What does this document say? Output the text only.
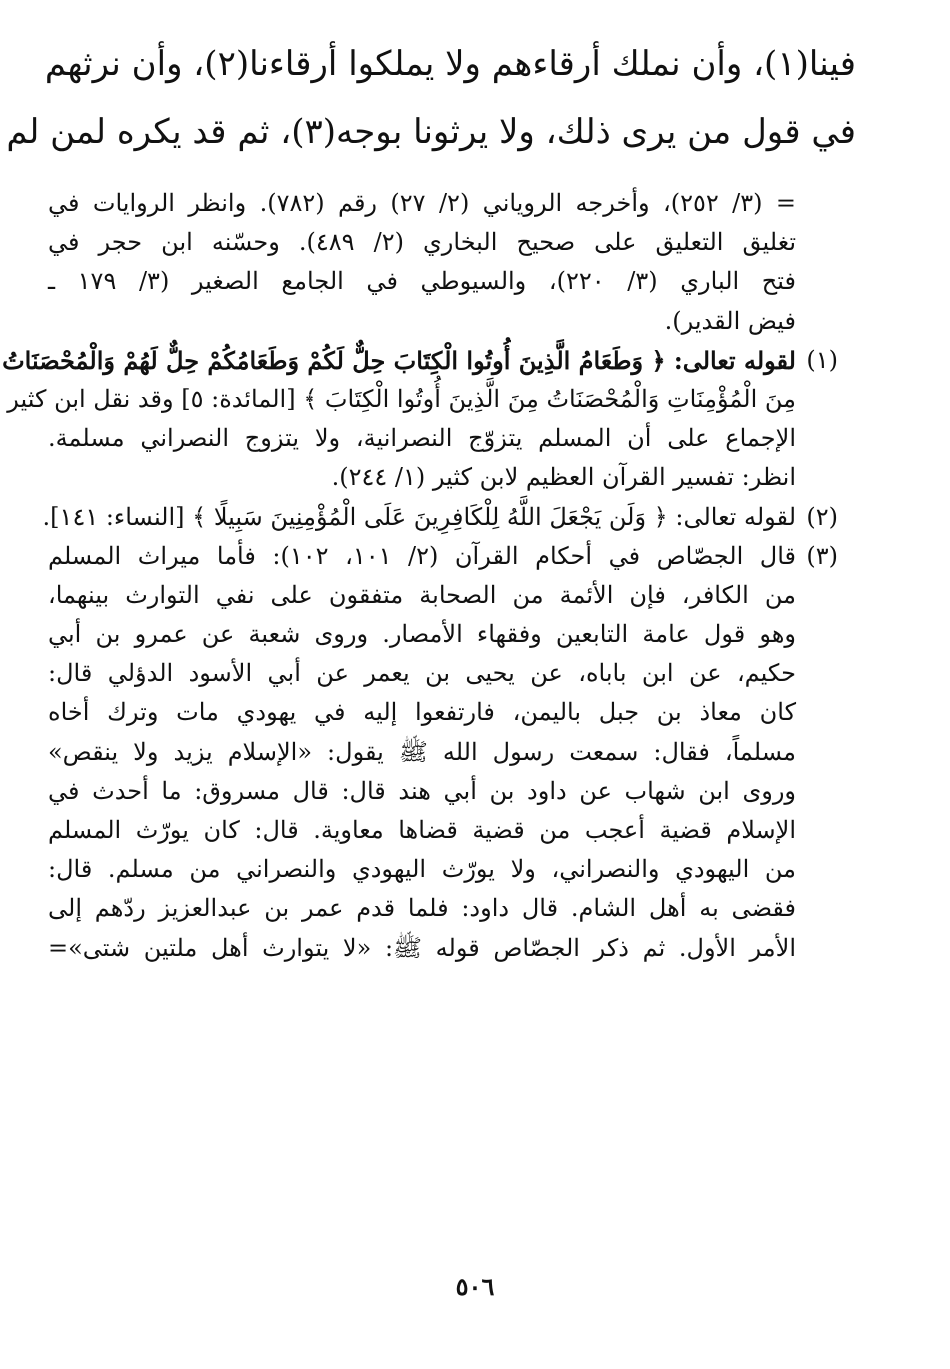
فينا(١)، وأن نملك أرقاءهم ولا يملكوا أرقاءنا(٢)، وأن نرثهم
في قول من يرى ذلك، ولا يرثونا بوجه(٣)، ثم قد يكره لمن لم
= (٣/ ٢٥٢)، وأخرجه الروياني (٢/ ٢٧) رقم (٧٨٢). وانظر الروايات في
تغليق التعليق على صحيح البخاري (٢/ ٤٨٩). وحسّنه ابن حجر في
فتح الباري (٣/ ٢٢٠)، والسيوطي في الجامع الصغير (٣/ ١٧٩ ـ
فيض القدير).
(١)
لقوله تعالى: ﴿ وَطَعَامُ الَّذِينَ أُوتُوا الْكِتَابَ حِلٌّ لَكُمْ وَطَعَامُكُمْ حِلٌّ لَهُمْ وَالْمُحْصَنَاتُ
مِنَ الْمُؤْمِنَاتِ وَالْمُحْصَنَاتُ مِنَ الَّذِينَ أُوتُوا الْكِتَابَ ﴾ [المائدة: ٥] وقد نقل ابن كثير
الإجماع على أن المسلم يتزوّج النصرانية، ولا يتزوج النصراني مسلمة.
انظر: تفسير القرآن العظيم لابن كثير (١/ ٢٤٤).
(٢)
لقوله تعالى: ﴿ وَلَن يَجْعَلَ اللَّهُ لِلْكَافِرِينَ عَلَى الْمُؤْمِنِينَ سَبِيلًا ﴾ [النساء: ١٤١].
(٣)
قال الجصّاص في أحكام القرآن (٢/ ١٠١، ١٠٢): فأما ميراث المسلم
من الكافر، فإن الأئمة من الصحابة متفقون على نفي التوارث بينهما،
وهو قول عامة التابعين وفقهاء الأمصار. وروى شعبة عن عمرو بن أبي
حكيم، عن ابن باباه، عن يحيى بن يعمر عن أبي الأسود الدؤلي قال:
كان معاذ بن جبل باليمن، فارتفعوا إليه في يهودي مات وترك أخاه
مسلماً، فقال: سمعت رسول الله ﷺ يقول: «الإسلام يزيد ولا ينقص»
وروى ابن شهاب عن داود بن أبي هند قال: قال مسروق: ما أحدث في
الإسلام قضية أعجب من قضية قضاها معاوية. قال: كان يورّث المسلم
من اليهودي والنصراني، ولا يورّث اليهودي والنصراني من مسلم. قال:
فقضى به أهل الشام. قال داود: فلما قدم عمر بن عبدالعزيز ردّهم إلى
الأمر الأول. ثم ذكر الجصّاص قوله ﷺ: «لا يتوارث أهل ملتين شتى»=
٥٠٦
